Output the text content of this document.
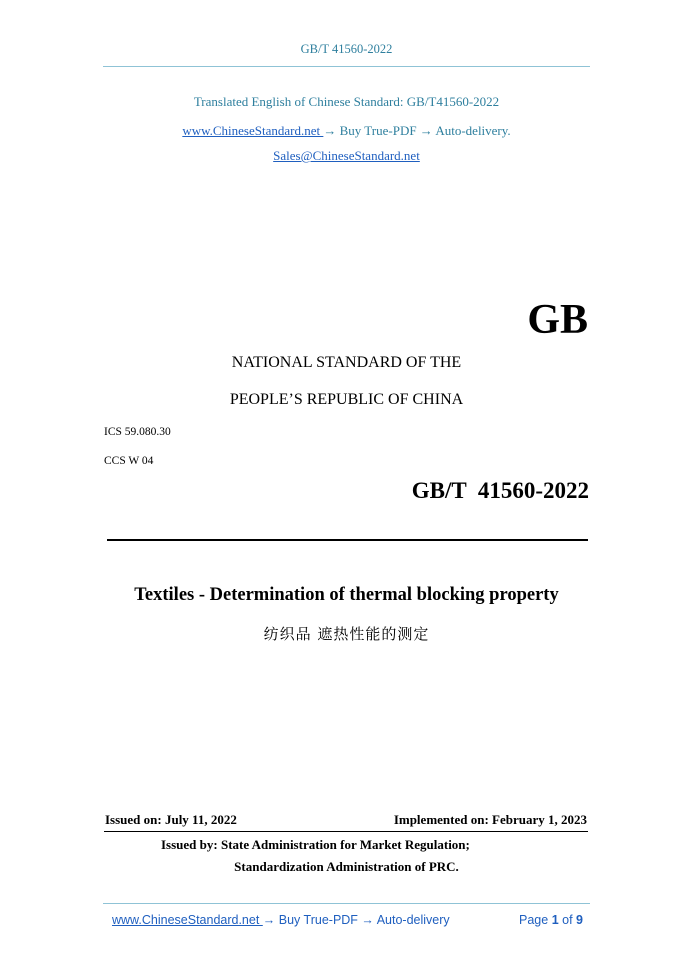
GB/T 41560-2022
Translated English of Chinese Standard: GB/T41560-2022
www.ChineseStandard.net → Buy True-PDF → Auto-delivery.
Sales@ChineseStandard.net
GB
NATIONAL STANDARD OF THE
PEOPLE’S REPUBLIC OF CHINA
ICS 59.080.30
CCS W 04
GB/T  41560-2022
Textiles - Determination of thermal blocking property
纺织品 遮热性能的测定
Issued on: July 11, 2022	Implemented on: February 1, 2023
Issued by: State Administration for Market Regulation;
Standardization Administration of PRC.
www.ChineseStandard.net → Buy True-PDF → Auto-delivery	Page 1 of 9
